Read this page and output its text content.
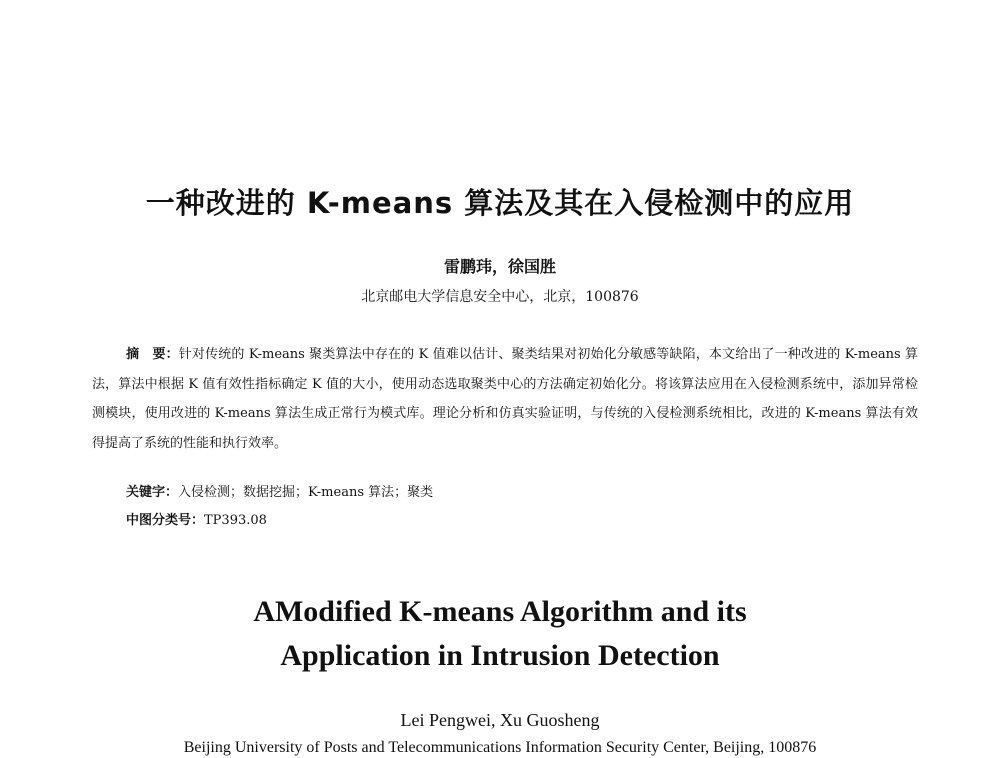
一种改进的 K-means 算法及其在入侵检测中的应用
雷鹏玮，徐国胜
北京邮电大学信息安全中心，北京，100876
摘　要：针对传统的 K-means 聚类算法中存在的 K 值难以估计、聚类结果对初始化分敏感等缺陷，本文给出了一种改进的 K-means 算法，算法中根据 K 值有效性指标确定 K 值的大小，使用动态选取聚类中心的方法确定初始化分。将该算法应用在入侵检测系统中，添加异常检测模块，使用改进的 K-means 算法生成正常行为模式库。理论分析和仿真实验证明，与传统的入侵检测系统相比，改进的 K-means 算法有效得提高了系统的性能和执行效率。
关键字：入侵检测；数据挖掘；K-means 算法；聚类
中图分类号：TP393.08
AModified K-means Algorithm and its
Application in Intrusion Detection
Lei Pengwei, Xu Guosheng
Beijing University of Posts and Telecommunications Information Security Center, Beijing, 100876
